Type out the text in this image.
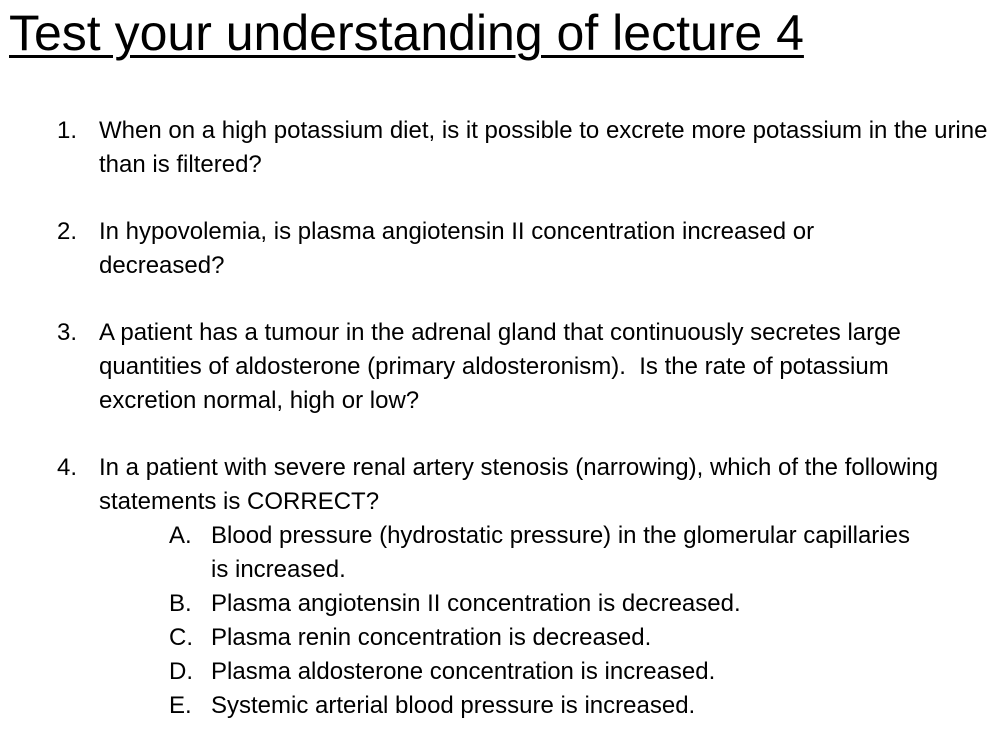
Test your understanding of lecture 4
1. When on a high potassium diet, is it possible to excrete more potassium in the urine than is filtered?
2. In hypovolemia, is plasma angiotensin II concentration increased or decreased?
3. A patient has a tumour in the adrenal gland that continuously secretes large quantities of aldosterone (primary aldosteronism).  Is the rate of potassium excretion normal, high or low?
4. In a patient with severe renal artery stenosis (narrowing), which of the following statements is CORRECT?
A. Blood pressure (hydrostatic pressure) in the glomerular capillaries is increased.
B. Plasma angiotensin II concentration is decreased.
C. Plasma renin concentration is decreased.
D. Plasma aldosterone concentration is increased.
E. Systemic arterial blood pressure is increased.
